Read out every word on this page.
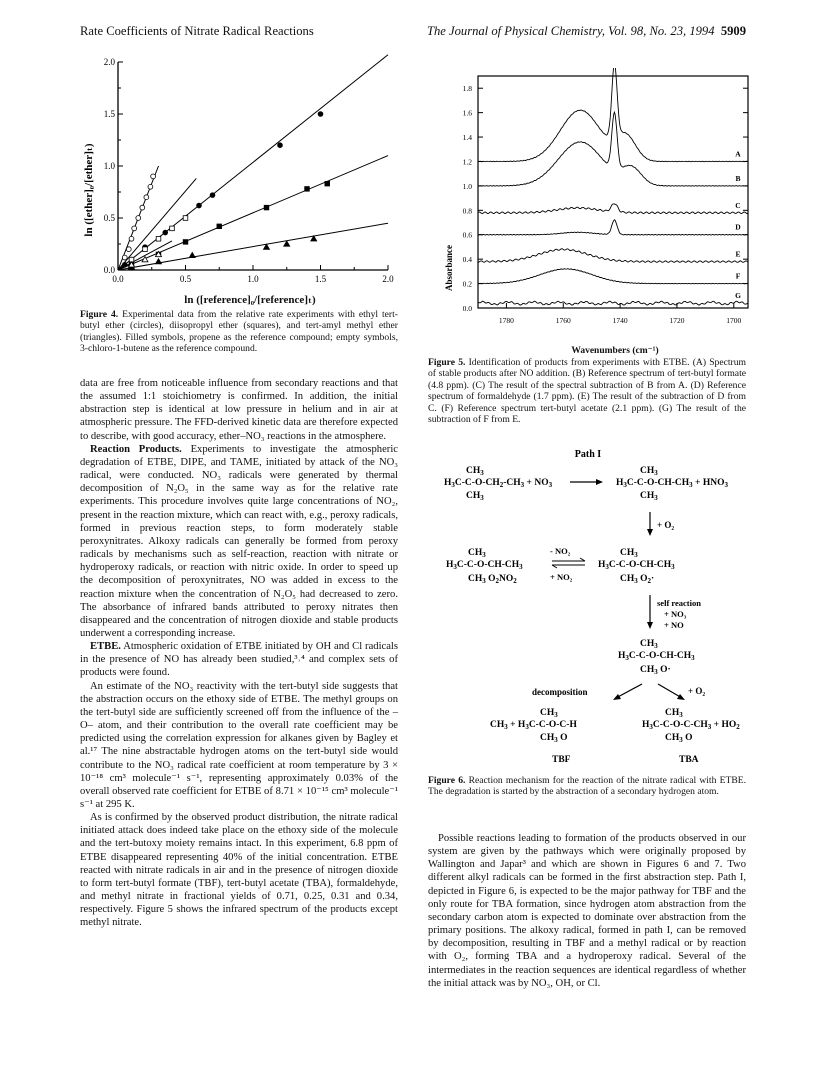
Rate Coefficients of Nitrate Radical Reactions	The Journal of Physical Chemistry, Vol. 98, No. 23, 1994 5909
0.0	0.5	1.0	1.5	2.0
0.0
0.5
1.0
1.5
2.0
ln ([ether]₀/[ether]ₜ)
ln ([reference]₀/[reference]ₜ)
Figure 4. Experimental data from the relative rate experiments with ethyl tert-butyl ether (circles), diisopropyl ether (squares), and tert-amyl methyl ether (triangles). Filled symbols, propene as the reference compound; empty symbols, 3-chloro-1-butene as the reference compound.
0.0
0.2
0.4
0.6
0.8
1.0
1.2
1.4
1.6
1.8
1780	1760	1740	1720	1700
A
B
C
D
E
F
G
Absorbance
Wavenumbers (cm⁻¹)
Figure 5. Identification of products from experiments with ETBE. (A) Spectrum of stable products after NO addition. (B) Reference spectrum of tert-butyl formate (4.8 ppm). (C) The result of the spectral subtraction of B from A. (D) Reference spectrum of formaldehyde (1.7 ppm). (E) The result of the subtraction of D from C. (F) Reference spectrum tert-butyl acetate (2.1 ppm). (G) The result of the subtraction of F from E.
Path I
$CH_3$
$H_3C-C-O-CH_2-CH_3 + NO_3$
$CH_3$
$CH_3$
$H_3C-C-O-CH-CH_3 + HNO_3$
$CH_3$
+ O₂
$CH_3$
$H_3C-C-O-CH-CH_3$
$CH_3$ $O_2NO_2$
$CH_3$
$H_3C-C-O-CH-CH_3$
$CH_3$ $O_2\cdot$
- NO₂
+ NO₂
self reaction
+ NO₃
+ NO
$CH_3$
$H_3C-C-O-CH-CH_3$
$CH_3$ O·
decomposition	+ O₂
$CH_3$
$CH_3 + H_3C-C-O-C-H$
$CH_3$ O
$CH_3$
$H_3C-C-O-C-CH_3 + HO_2$
$CH_3$ O
TBF	TBA
Figure 6. Reaction mechanism for the reaction of the nitrate radical with ETBE. The degradation is started by the abstraction of a secondary hydrogen atom.

data are free from noticeable influence from secondary reactions and that the assumed 1:1 stoichiometry is confirmed. In addition, the initial abstraction step is identical at low pressure in helium and in air at atmospheric pressure. The FFD-derived kinetic data are therefore expected to describe, with good accuracy, ether–NO₃ reactions in the atmosphere.

Reaction Products. Experiments to investigate the atmospheric degradation of ETBE, DIPE, and TAME, initiated by attack of the NO₃ radical, were conducted. NO₃ radicals were generated by thermal decomposition of N₂O₅ in the same way as for the relative rate experiments. This procedure involves quite large concentrations of NO₂, present in the reaction mixture, which can react with, e.g., peroxy radicals, formed in previous reaction steps, to form moderately stable peroxynitrates. Alkoxy radicals can generally be formed from peroxy radicals by mechanisms such as self-reaction, reaction with nitrate or hydroperoxy radicals, or reaction with nitric oxide. In order to speed up the decomposition of peroxynitrates, NO was added in excess to the reaction mixture when the concentration of N₂O₅ had decreased to zero. The absorbance of infrared bands attributed to peroxy nitrates then disappeared and the concentration of nitrogen dioxide and stable products underwent a corresponding increase.

ETBE. Atmospheric oxidation of ETBE initiated by OH and Cl radicals in the presence of NO has already been studied,³˒⁴ and complex sets of products were found.

An estimate of the NO₃ reactivity with the tert-butyl side suggests that the abstraction occurs on the ethoxy side of ETBE. The methyl groups on the tert-butyl side are sufficiently screened off from the influence of the –O– atom, and their contribution to the overall rate coefficient may be predicted using the correlation expression for alkanes given by Bagley et al.¹⁷ The nine abstractable hydrogen atoms on the tert-butyl side would contribute to the NO₃ radical rate coefficient at room temperature by 3 × 10⁻¹⁸ cm³ molecule⁻¹ s⁻¹, representing approximately 0.03% of the overall observed rate coefficient for ETBE of 8.71 × 10⁻¹⁵ cm³ molecule⁻¹ s⁻¹ at 295 K.

As is confirmed by the observed product distribution, the nitrate radical initiated attack does indeed take place on the ethoxy side of the molecule and the tert-butoxy moiety remains intact. In this experiment, 6.8 ppm of ETBE disappeared representing 40% of the initial concentration. ETBE reacted with nitrate radicals in air and in the presence of nitrogen dioxide to form tert-butyl formate (TBF), tert-butyl acetate (TBA), formaldehyde, and methyl nitrate in fractional yields of 0.71, 0.25, 0.31 and 0.34, respectively. Figure 5 shows the infrared spectrum of the products except methyl nitrate.

Possible reactions leading to formation of the products observed in our system are given by the pathways which were originally proposed by Wallington and Japar³ and which are shown in Figures 6 and 7. Two different alkyl radicals can be formed in the first abstraction step. Path I, depicted in Figure 6, is expected to be the major pathway for TBF and the only route for TBA formation, since hydrogen atom abstraction from the secondary carbon atom is expected to dominate over abstraction from the primary positions. The alkoxy radical, formed in path I, can be removed by decomposition, resulting in TBF and a methyl radical or by reaction with O₂, forming TBA and a hydroperoxy radical. Several of the intermediates in the reaction sequences are identical regardless of whether the initial attack was by NO₃, OH, or Cl.
